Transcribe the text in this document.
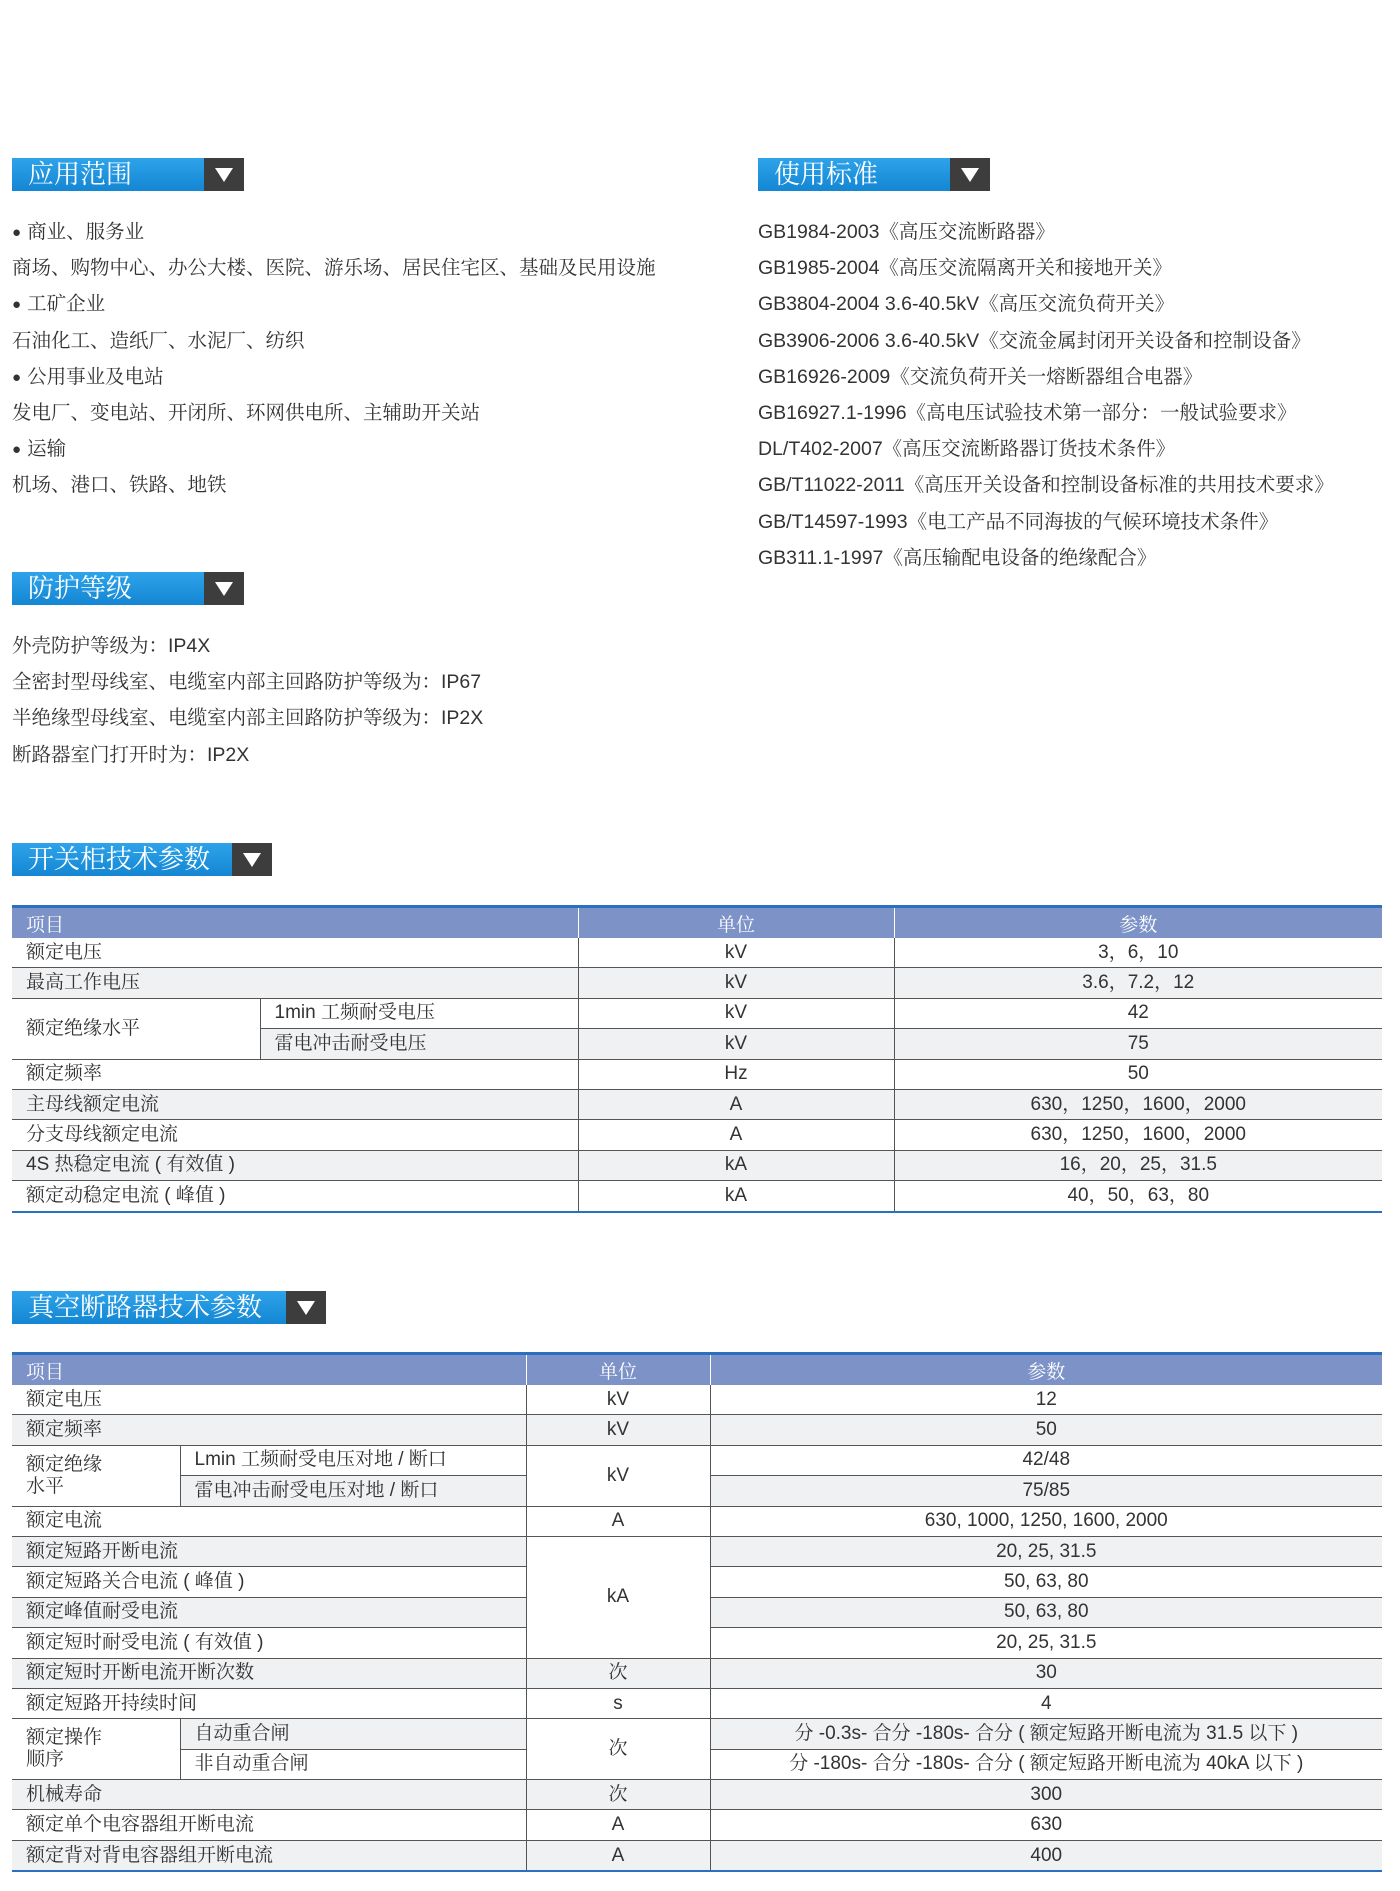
应用范围
● 商业、服务业
商场、购物中心、办公大楼、医院、游乐场、居民住宅区、基础及民用设施
● 工矿企业
石油化工、造纸厂、水泥厂、纺织
● 公用事业及电站
发电厂、变电站、开闭所、环网供电所、主辅助开关站
● 运输
机场、港口、铁路、地铁
使用标准
GB1984-2003《高压交流断路器》
GB1985-2004《高压交流隔离开关和接地开关》
GB3804-2004 3.6-40.5kV《高压交流负荷开关》
GB3906-2006 3.6-40.5kV《交流金属封闭开关设备和控制设备》
GB16926-2009《交流负荷开关一熔断器组合电器》
GB16927.1-1996《高电压试验技术第一部分：一般试验要求》
DL/T402-2007《高压交流断路器订货技术条件》
GB/T11022-2011《高压开关设备和控制设备标准的共用技术要求》
GB/T14597-1993《电工产品不同海拔的气候环境技术条件》
GB311.1-1997《高压输配电设备的绝缘配合》
防护等级
外壳防护等级为：IP4X
全密封型母线室、电缆室内部主回路防护等级为：IP67
半绝缘型母线室、电缆室内部主回路防护等级为：IP2X
断路器室门打开时为：IP2X
开关柜技术参数
项目		单位	参数
额定电压		kV	3，6，10
最高工作电压		kV	3.6，7.2，12
额定绝缘水平	1min 工频耐受电压	kV	42
	雷电冲击耐受电压	kV	75
额定频率		Hz	50
主母线额定电流		A	630，1250，1600，2000
分支母线额定电流		A	630，1250，1600，2000
4S 热稳定电流 ( 有效值 )		kA	16，20，25，31.5
额定动稳定电流 ( 峰值 )		kA	40，50，63，80
真空断路器技术参数
项目		单位	参数
额定电压		kV	12
额定频率		kV	50
额定绝缘
水平	Lmin 工频耐受电压对地 / 断口	kV	42/48
	雷电冲击耐受电压对地 / 断口		75/85
额定电流		A	630, 1000, 1250, 1600, 2000
额定短路开断电流		kA	20, 25, 31.5
额定短路关合电流 ( 峰值 )			50, 63, 80
额定峰值耐受电流			50, 63, 80
额定短时耐受电流 ( 有效值 )			20, 25, 31.5
额定短时开断电流开断次数		次	30
额定短路开持续时间		s	4
额定操作
顺序	自动重合闸	次	分 -0.3s- 合分 -180s- 合分 ( 额定短路开断电流为 31.5 以下 )
	非自动重合闸		分 -180s- 合分 -180s- 合分 ( 额定短路开断电流为 40kA 以下 )
机械寿命		次	300
额定单个电容器组开断电流		A	630
额定背对背电容器组开断电流		A	400
